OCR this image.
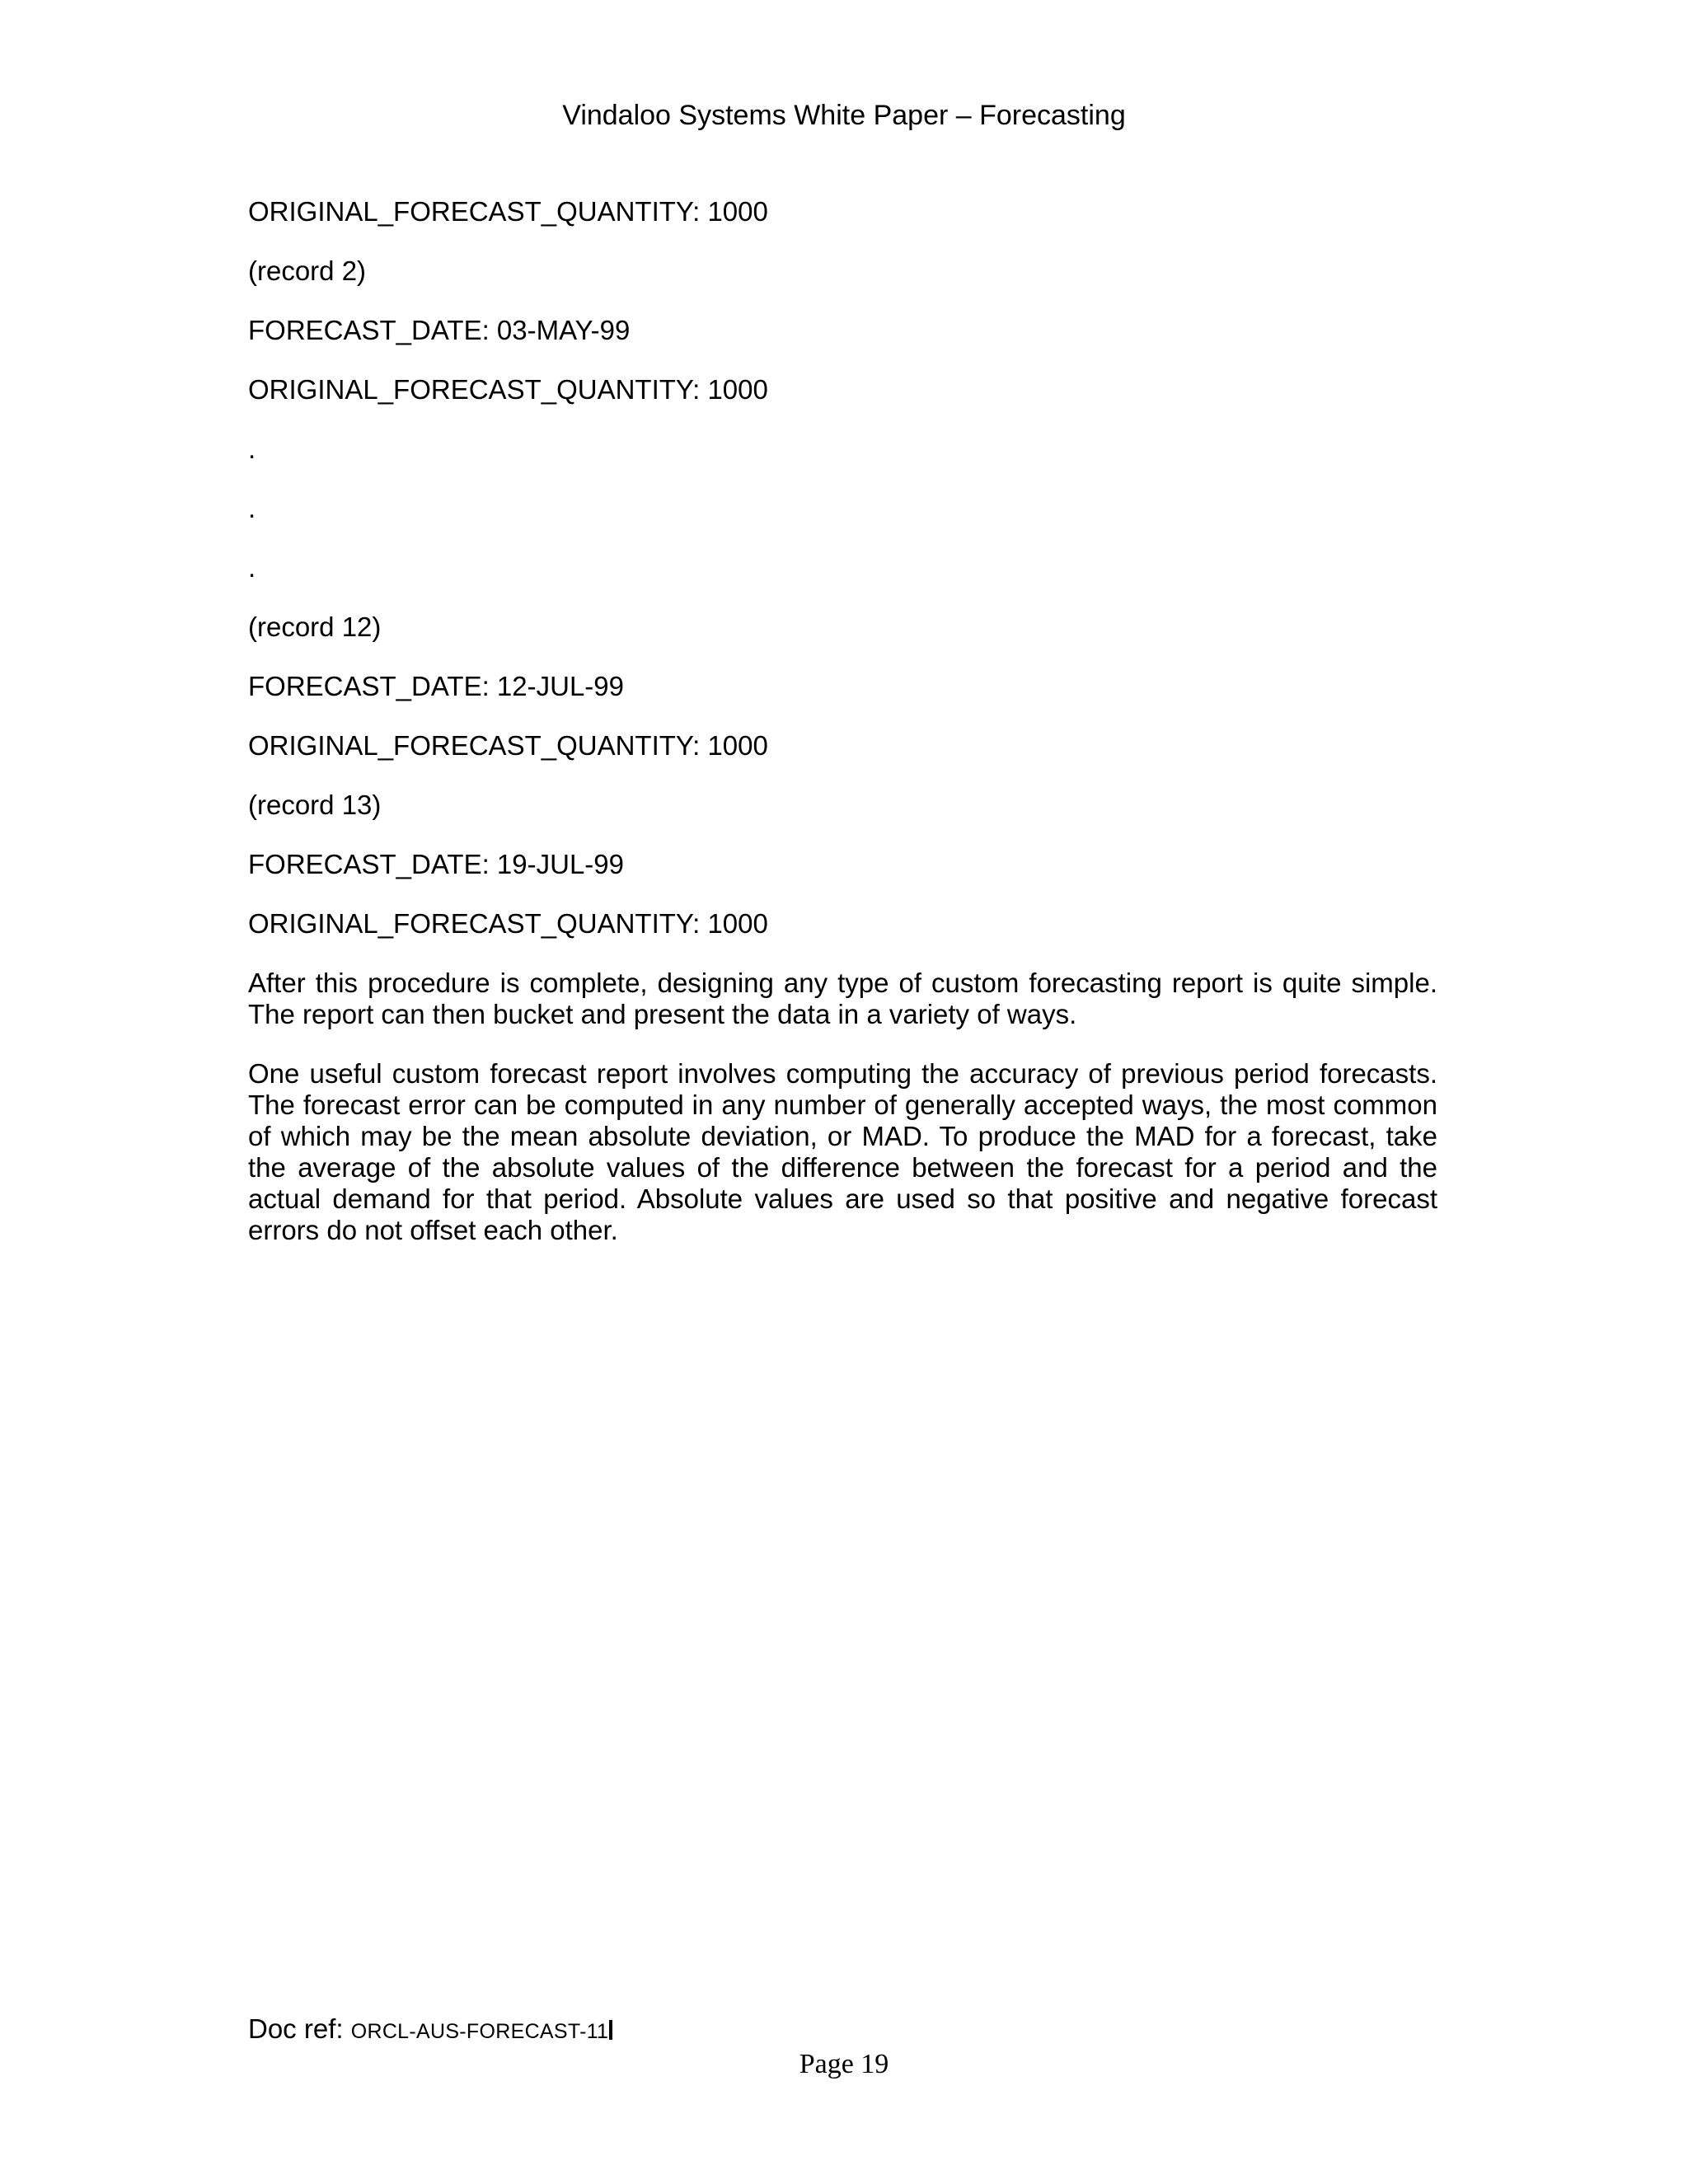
Vindaloo Systems White Paper – Forecasting
ORIGINAL_FORECAST_QUANTITY: 1000
(record 2)
FORECAST_DATE: 03-MAY-99
ORIGINAL_FORECAST_QUANTITY: 1000
.
.
.
(record 12)
FORECAST_DATE: 12-JUL-99
ORIGINAL_FORECAST_QUANTITY: 1000
(record 13)
FORECAST_DATE: 19-JUL-99
ORIGINAL_FORECAST_QUANTITY: 1000

After this procedure is complete, designing any type of custom forecasting report is quite simple. The report can then bucket and present the data in a variety of ways.

One useful custom forecast report involves computing the accuracy of previous period forecasts. The forecast error can be computed in any number of generally accepted ways, the most common of which may be the mean absolute deviation, or MAD. To produce the MAD for a forecast, take the average of the absolute values of the difference between the forecast for a period and the actual demand for that period. Absolute values are used so that positive and negative forecast errors do not offset each other.

Doc ref: ORCL-AUS-FORECAST-11
Page 19
